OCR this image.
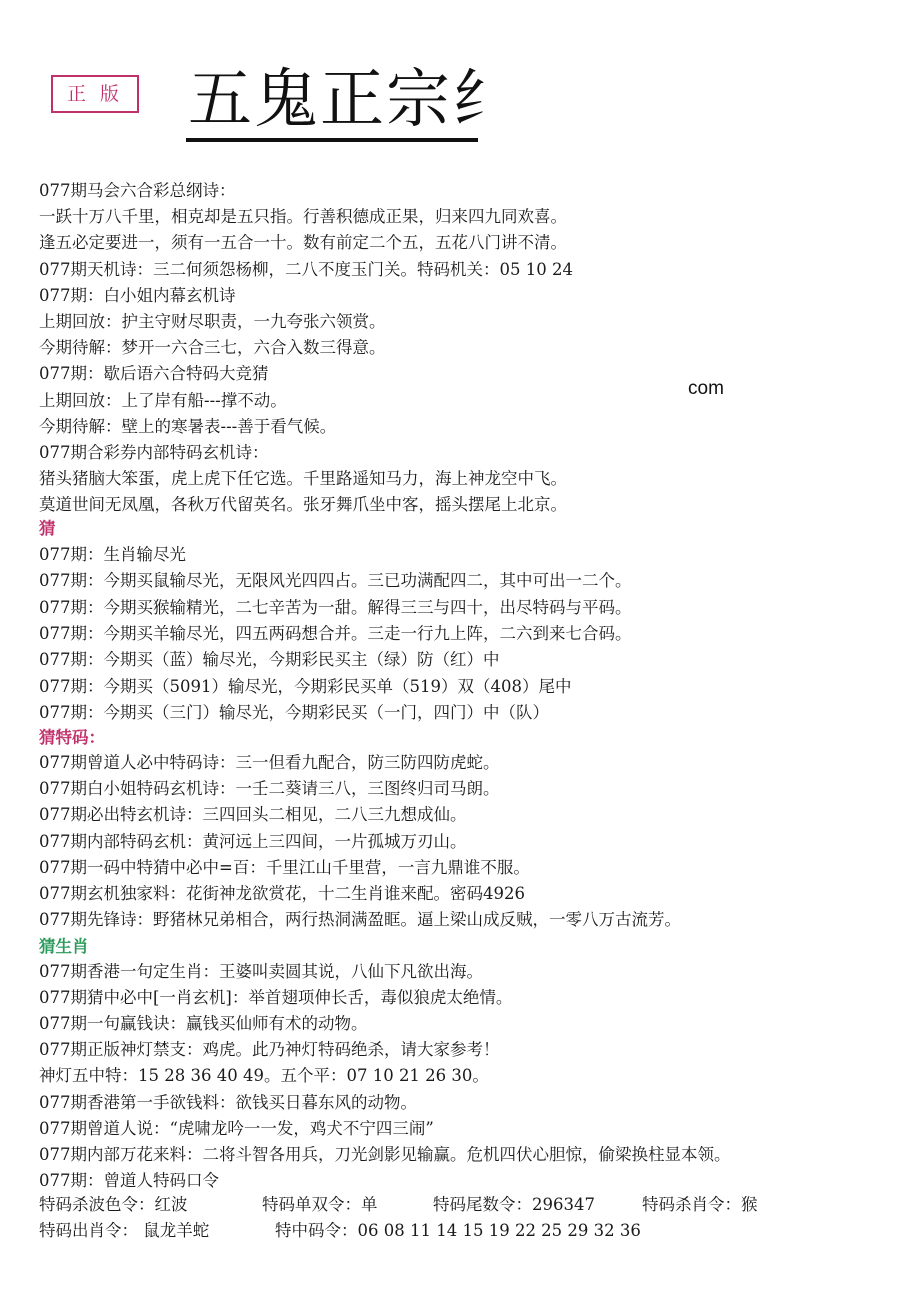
正 版 五鬼正宗纟
com
077期马会六合彩总纲诗：
一跃十万八千里，相克却是五只指。行善积德成正果，归来四九同欢喜。
逢五必定要进一，须有一五合一十。数有前定二个五，五花八门讲不清。
077期天机诗：三二何须怨杨柳，二八不度玉门关。特码机关：05 10 24
077期：白小姐内幕玄机诗
上期回放：护主守财尽职责，一九夸张六领赏。
今期待解：梦开一六合三七，六合入数三得意。
077期：歇后语六合特码大竞猜
上期回放：上了岸有船---撑不动。
今期待解：壁上的寒暑表---善于看气候。
077期合彩券内部特码玄机诗：
猪头猪脑大笨蛋，虎上虎下任它选。千里路遥知马力，海上神龙空中飞。
莫道世间无凤凰，各秋万代留英名。张牙舞爪坐中客，摇头摆尾上北京。
猜
077期：生肖输尽光
077期：今期买鼠输尽光，无限风光四四占。三已功满配四二，其中可出一二个。
077期：今期买猴输精光，二七辛苦为一甜。解得三三与四十，出尽特码与平码。
077期：今期买羊输尽光，四五两码想合并。三走一行九上阵，二六到来七合码。
077期：今期买（蓝）输尽光，今期彩民买主（绿）防（红）中
077期：今期买（5091）输尽光，今期彩民买单（519）双（408）尾中
077期：今期买（三门）输尽光，今期彩民买（一门，四门）中（队）
猜特码：
077期曾道人必中特码诗：三一但看九配合，防三防四防虎蛇。
077期白小姐特码玄机诗：一壬二葵请三八，三图终归司马朗。
077期必出特玄机诗：三四回头二相见，二八三九想成仙。
077期内部特码玄机：黄河远上三四间，一片孤城万刃山。
077期一码中特猜中必中=百：千里江山千里营，一言九鼎谁不服。
077期玄机独家料：花街神龙欲赏花，十二生肖谁来配。密码4926
077期先锋诗：野猪林兄弟相合，两行热洞满盈眶。逼上梁山成反贼，一零八万古流芳。
猜生肖
077期香港一句定生肖：王婆叫卖圆其说，八仙下凡欲出海。
077期猜中必中[一肖玄机]：举首翅项伸长舌，毒似狼虎太绝情。
077期一句赢钱诀：赢钱买仙师有术的动物。
077期正版神灯禁支：鸡虎。此乃神灯特码绝杀，请大家参考！
神灯五中特：15 28 36 40 49。五个平：07 10 21 26 30。
077期香港第一手欲钱料：欲钱买日暮东风的动物。
077期曾道人说：“虎啸龙吟一一发，鸡犬不宁四三闹”
077期内部万花来料：二将斗智各用兵，刀光剑影见输赢。危机四伏心胆惊，偷梁换柱显本领。
077期：曾道人特码口令
特码杀波色令：红波	特码单双令：单	特码尾数令：296347	特码杀肖令：猴
特码出肖令： 鼠龙羊蛇	特中码令：06 08 11 14 15 19 22 25 29 32 36
